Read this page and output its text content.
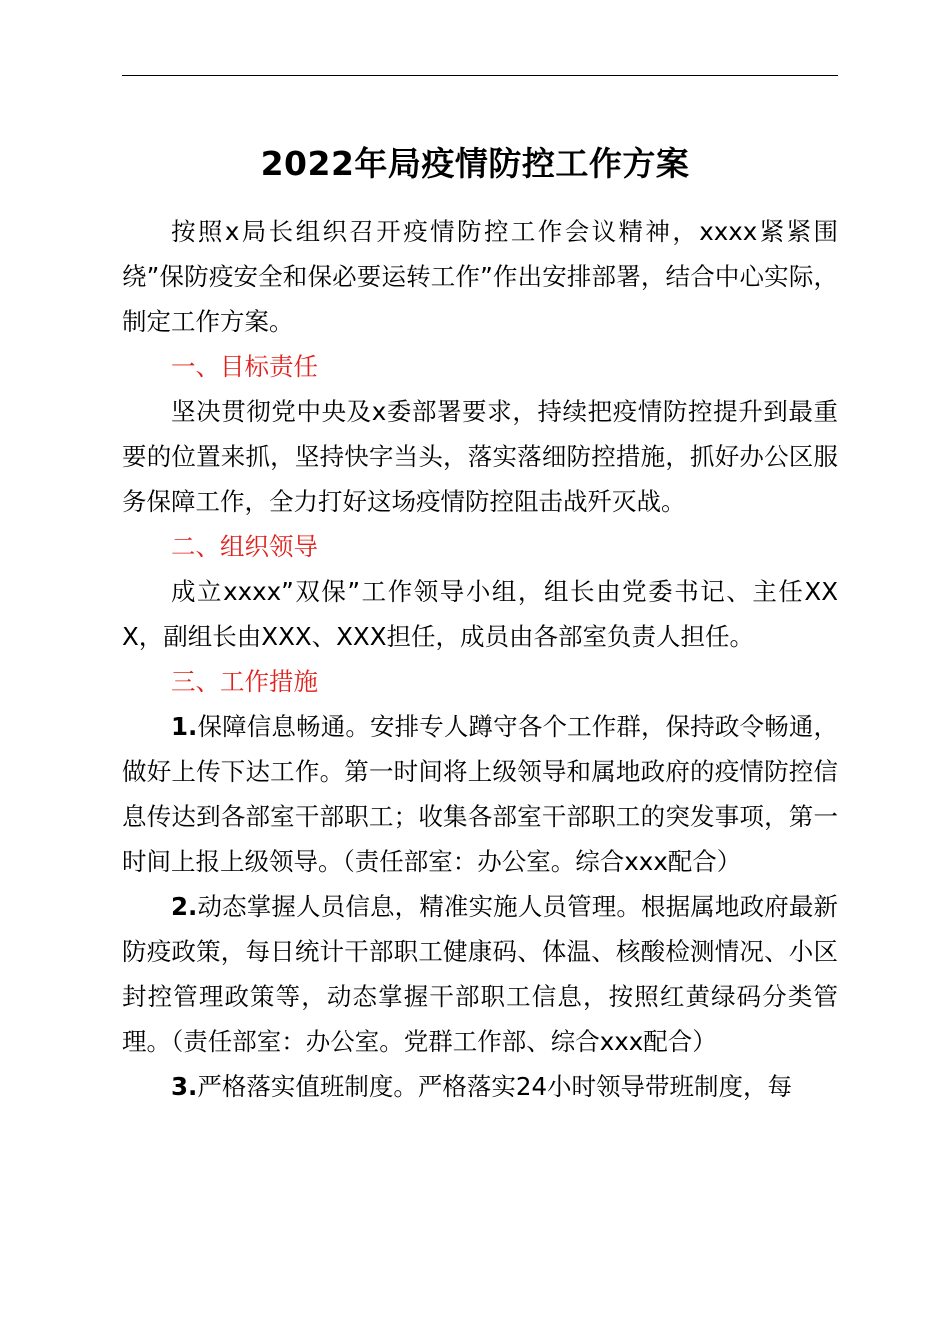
2022年局疫情防控工作方案

按照x局长组织召开疫情防控工作会议精神，xxxx紧紧围绕”保防疫安全和保必要运转工作”作出安排部署，结合中心实际，制定工作方案。

一、目标责任

坚决贯彻党中央及x委部署要求，持续把疫情防控提升到最重要的位置来抓，坚持快字当头，落实落细防控措施，抓好办公区服务保障工作，全力打好这场疫情防控阻击战歼灭战。

二、组织领导

成立xxxx”双保”工作领导小组，组长由党委书记、主任XXX，副组长由XXX、XXX担任，成员由各部室负责人担任。

三、工作措施

1.保障信息畅通。安排专人蹲守各个工作群，保持政令畅通，做好上传下达工作。第一时间将上级领导和属地政府的疫情防控信息传达到各部室干部职工；收集各部室干部职工的突发事项，第一时间上报上级领导。（责任部室：办公室。综合xxx配合）

2.动态掌握人员信息，精准实施人员管理。根据属地政府最新防疫政策，每日统计干部职工健康码、体温、核酸检测情况、小区封控管理政策等，动态掌握干部职工信息，按照红黄绿码分类管理。（责任部室：办公室。党群工作部、综合xxx配合）

3.严格落实值班制度。严格落实24小时领导带班制度，每
